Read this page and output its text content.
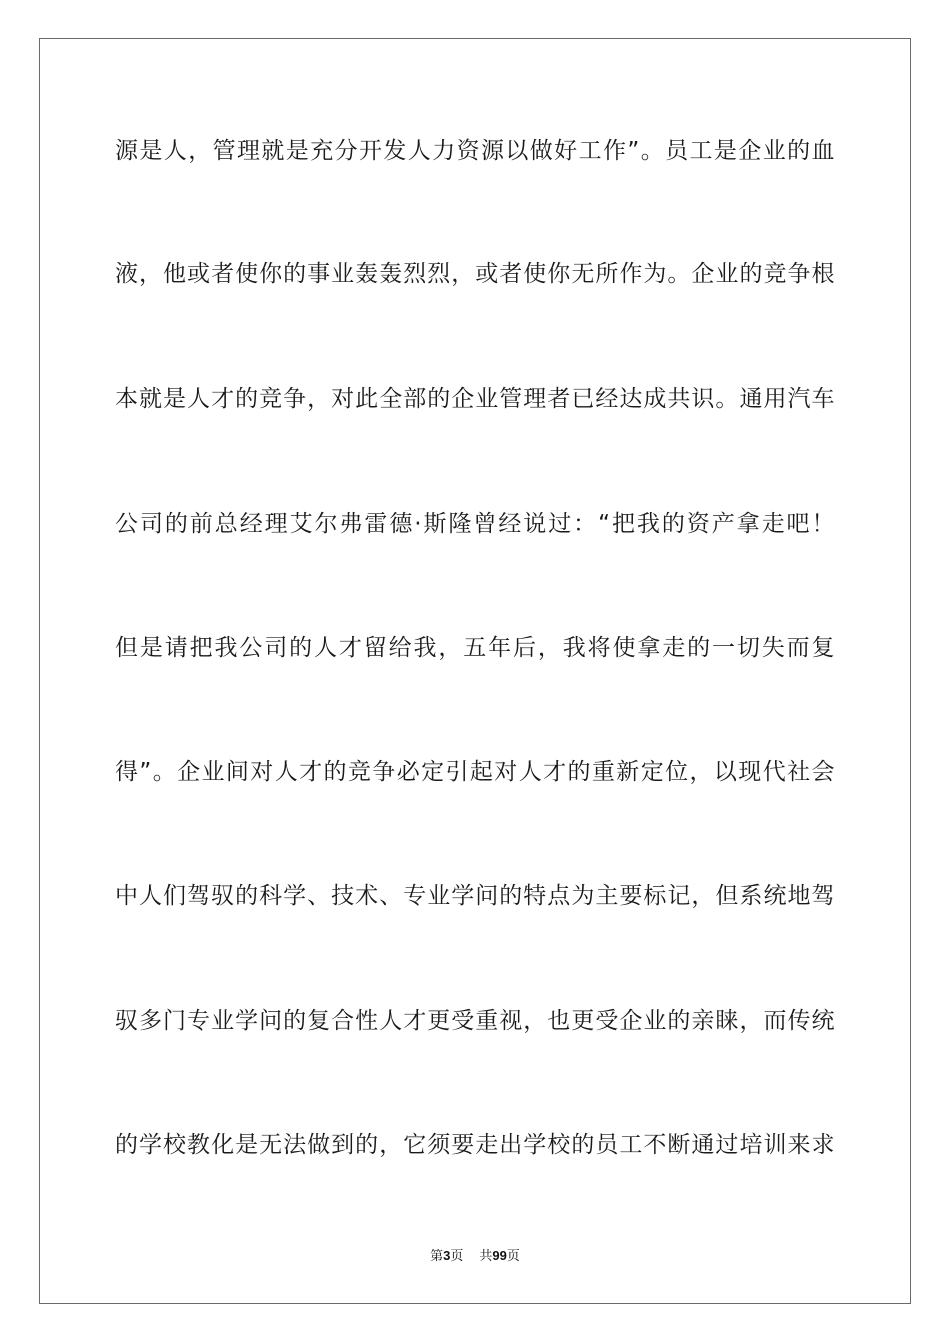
源是人，管理就是充分开发人力资源以做好工作”。员工是企业的血
液，他或者使你的事业轰轰烈烈，或者使你无所作为。企业的竞争根
本就是人才的竞争，对此全部的企业管理者已经达成共识。通用汽车
公司的前总经理艾尔弗雷德·斯隆曾经说过：“把我的资产拿走吧！
但是请把我公司的人才留给我，五年后，我将使拿走的一切失而复
得”。企业间对人才的竞争必定引起对人才的重新定位，以现代社会
中人们驾驭的科学、技术、专业学问的特点为主要标记，但系统地驾
驭多门专业学问的复合性人才更受重视，也更受企业的亲睐，而传统
的学校教化是无法做到的，它须要走出学校的员工不断通过培训来求
第3页 共99页
